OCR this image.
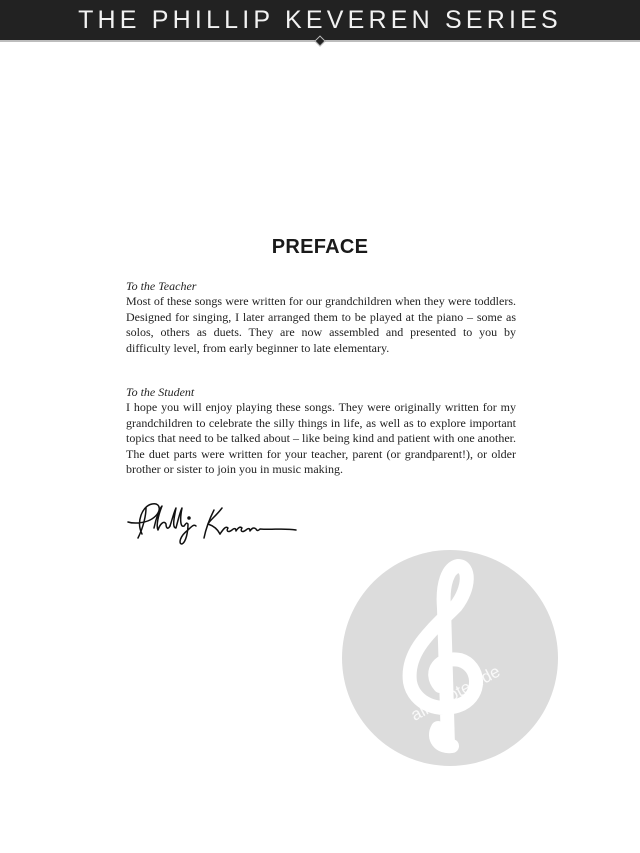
THE PHILLIP KEVEREN SERIES
PREFACE

To the Teacher

Most of these songs were written for our grandchildren when they were toddlers. Designed for singing, I later arranged them to be played at the piano – some as solos, others as duets. They are now assembled and presented to you by difficulty level, from early beginner to late elementary.

To the Student

I hope you will enjoy playing these songs. They were originally written for my grandchildren to celebrate the silly things in life, as well as to explore important topics that need to be talked about – like being kind and patient with one another. The duet parts were written for your teacher, parent (or grandparent!), or older brother or sister to join you in music making.

alle-noten.de
